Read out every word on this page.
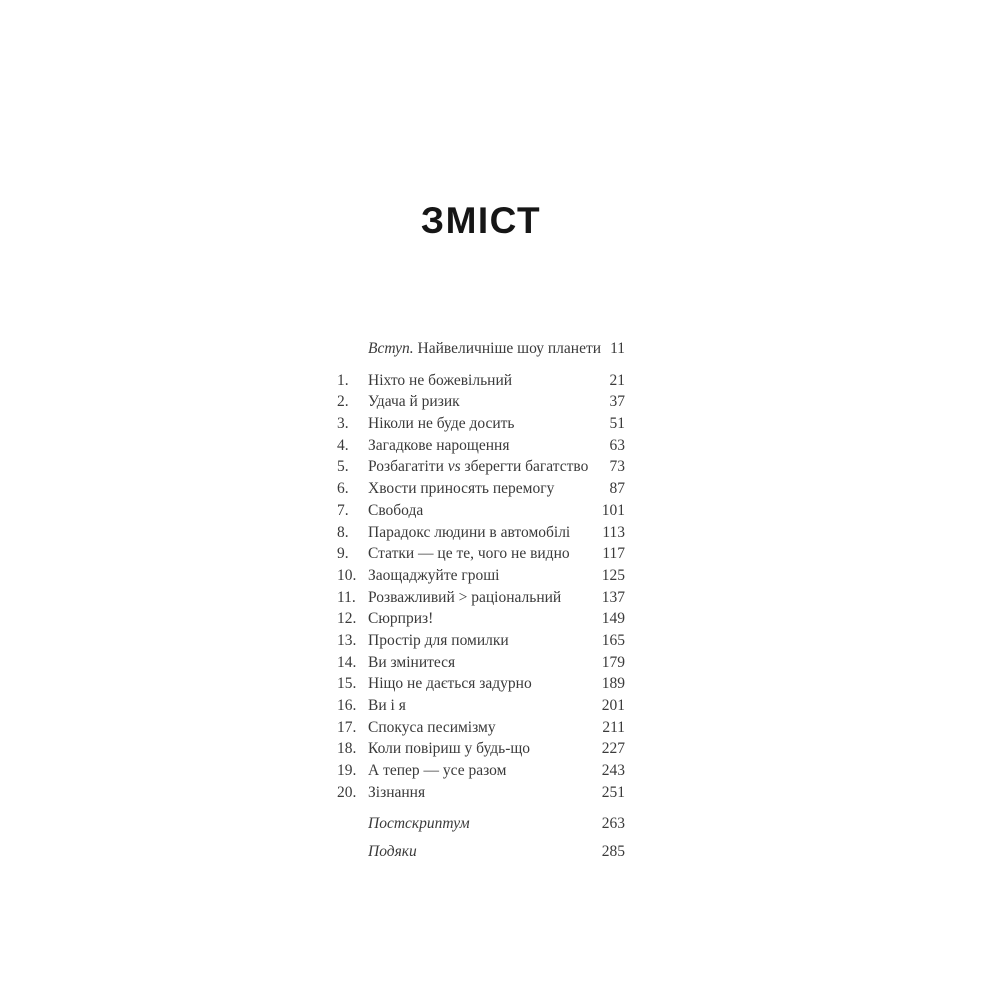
ЗМІСТ
Вступ. Найвеличніше шоу планети 11
1.	Ніхто не божевільний	21
2.	Удача й ризик	37
3.	Ніколи не буде досить	51
4.	Загадкове нарощення	63
5.	Розбагатіти vs зберегти багатство	73
6.	Хвости приносять перемогу	87
7.	Свобода	101
8.	Парадокс людини в автомобілі	113
9.	Статки — це те, чого не видно	117
10. Заощаджуйте гроші	125
11. Розважливий > раціональний	137
12. Сюрприз!	149
13. Простір для помилки	165
14. Ви змінитеся	179
15. Ніщо не дається задурно	189
16. Ви і я	201
17. Спокуса песимізму	211
18. Коли повіриш у будь-що	227
19. А тепер — усе разом	243
20. Зізнання	251
Постскриптум	263
Подяки	285
